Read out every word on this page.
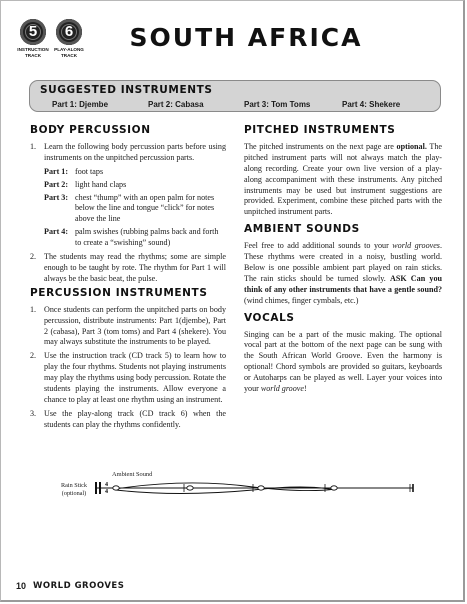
5
INSTRUCTION TRACK
6
PLAY-ALONG TRACK
SOUTH AFRICA
SUGGESTED INSTRUMENTS
Part 1: Djembe	Part 2: Cabasa	Part 3: Tom Toms	Part 4: Shekere
BODY PERCUSSION
1. Learn the following body percussion parts before using instruments on the unpitched percussion parts.
Part 1: foot taps
Part 2: light hand claps
Part 3: chest “thump” with an open palm for notes below the line and tongue “click” for notes above the line
Part 4: palm swishes (rubbing palms back and forth to create a “swishing” sound)
2. The students may read the rhythms; some are simple enough to be taught by rote. The rhythm for Part 1 will always be the basic beat, the pulse.
PERCUSSION INSTRUMENTS
1. Once students can perform the unpitched parts on body percussion, distribute instruments: Part 1(djembe), Part 2 (cabasa), Part 3 (tom toms) and Part 4 (shekere). You may always substitute the instruments to be played.
2. Use the instruction track (CD track 5) to learn how to play the four rhythms. Students not playing instruments may play the rhythms using body percussion. Rotate the students playing the instruments. Allow everyone a chance to play at least one rhythm using an instrument.
3. Use the play-along track (CD track 6) when the students can play the rhythms confidently.
PITCHED INSTRUMENTS

The pitched instruments on the next page are optional. The pitched instrument parts will not always match the play-along recording. Create your own live version of a play-along accompaniment with these instruments. Any pitched instruments may be used but instrument suggestions are provided. Experiment, combine these pitched parts with the unpitched instrument parts.

AMBIENT SOUNDS

Feel free to add additional sounds to your world grooves. These rhythms were created in a noisy, bustling world. Below is one possible ambient part played on rain sticks. The rain sticks should be turned slowly. ASK Can you think of any other instruments that have a gentle sound? (wind chimes, finger cymbals, etc.)

VOCALS

Singing can be a part of the music making. The optional vocal part at the bottom of the next page can be sung with the South African World Groove. Even the harmony is optional! Chord symbols are provided so guitars, keyboards or Autoharps can be played as well. Layer your voices into your world groove!

Rain Stick (optional)
Ambient Sound
4
4
10 WORLD GROOVES
